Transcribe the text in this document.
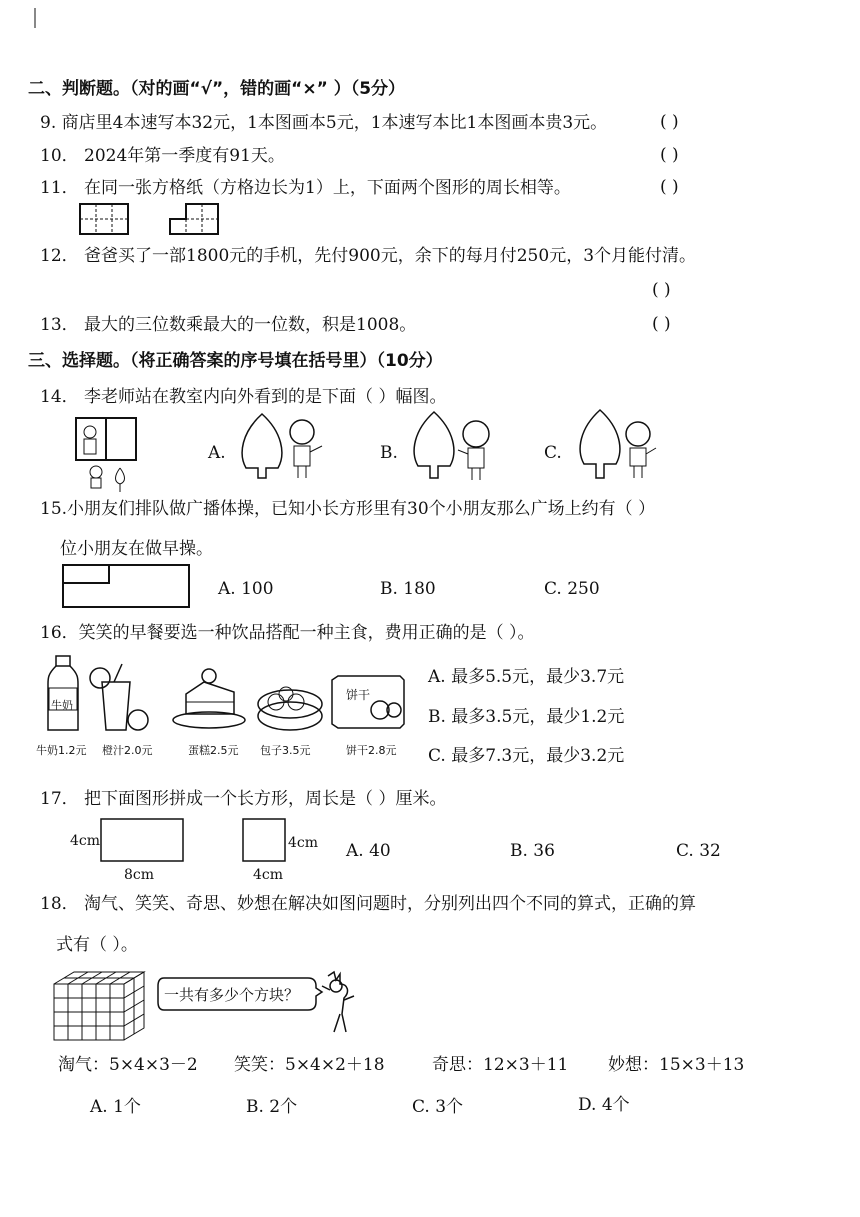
二、判断题。（对的画“√”，错的画“×” ）（5分）
9. 商店里4本速写本32元，1本图画本5元，1本速写本比1本图画本贵3元。	( )
10． 2024年第一季度有91天。	( )
11． 在同一张方格纸（方格边长为1）上，下面两个图形的周长相等。	( )
12． 爸爸买了一部1800元的手机，先付900元，余下的每月付250元，3个月能付清。
( )
13． 最大的三位数乘最大的一位数，积是1008。	( )
三、选择题。（将正确答案的序号填在括号里）（10分）
14． 李老师站在教室内向外看到的是下面（ ）幅图。
A.	B.	C.
15.小朋友们排队做广播体操，已知小长方形里有30个小朋友那么广场上约有（ ）
位小朋友在做早操。
A. 100	B. 180	C. 250
16．笑笑的早餐要选一种饮品搭配一种主食，费用正确的是（ ）。
牛奶
饼干
牛奶1.2元 橙汁2.0元	蛋糕2.5元 包子3.5元	饼干2.8元
A. 最多5.5元，最少3.7元
B. 最多3.5元，最少1.2元
C. 最多7.3元，最少3.2元
17． 把下面图形拼成一个长方形，周长是（ ）厘米。
4cm
8cm
4cm
4cm
A. 40	B. 36	C. 32
18． 淘气、笑笑、奇思、妙想在解决如图问题时，分别列出四个不同的算式，正确的算
式有（ ）。
一共有多少个方块？
淘气：5×4×3－2 笑笑：5×4×2＋18	奇思：12×3＋11 妙想：15×3＋13
A. 1个	B. 2个	C. 3个	D. 4个
